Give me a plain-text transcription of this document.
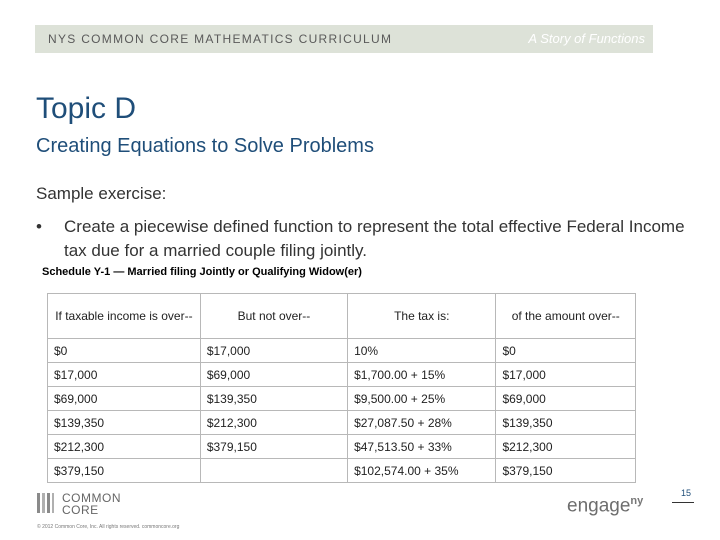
NYS COMMON CORE MATHEMATICS CURRICULUM	A Story of Functions
Topic D
Creating Equations to Solve Problems
Sample exercise:
• Create a piecewise defined function to represent the total effective Federal Income tax due for a married couple filing jointly.
Schedule Y-1 — Married filing Jointly or Qualifying Widow(er)
If taxable income is over--	But not over--	The tax is:	of the amount over--
$0	$17,000	10%	$0
$17,000	$69,000	$1,700.00 + 15%	$17,000
$69,000	$139,350	$9,500.00 + 25%	$69,000
$139,350	$212,300	$27,087.50 + 28%	$139,350
$212,300	$379,150	$47,513.50 + 33%	$212,300
$379,150		$102,574.00 + 35%	$379,150
COMMON
CORE
© 2012 Common Core, Inc. All rights reserved. commoncore.org
engage$^{ny}$
15
